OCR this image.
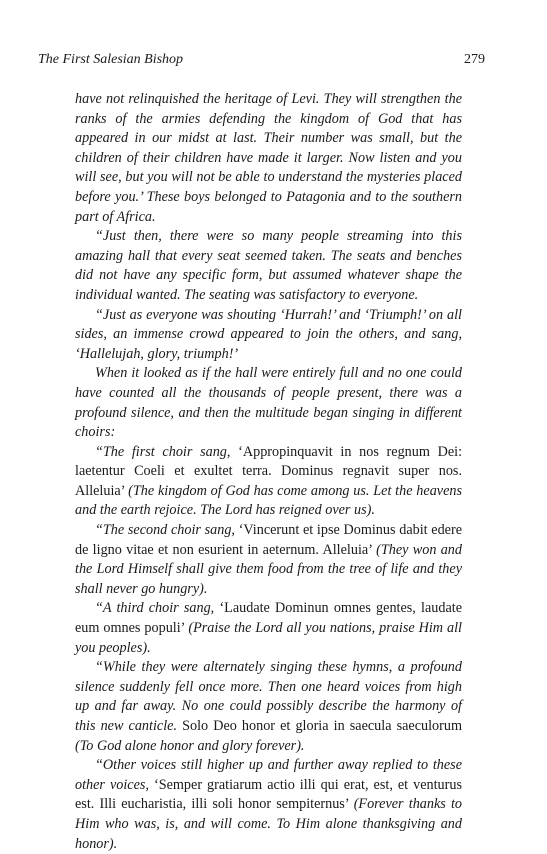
The First Salesian Bishop	279

have not relinquished the heritage of Levi. They will strengthen the ranks of the armies defending the kingdom of God that has appeared in our midst at last. Their number was small, but the children of their children have made it larger. Now listen and you will see, but you will not be able to understand the mysteries placed before you.’ These boys belonged to Patagonia and to the southern part of Africa.

“Just then, there were so many people streaming into this amazing hall that every seat seemed taken. The seats and benches did not have any specific form, but assumed whatever shape the individual wanted. The seating was satisfactory to everyone.

“Just as everyone was shouting ‘Hurrah!’ and ‘Triumph!’ on all sides, an immense crowd appeared to join the others, and sang, ‘Hallelujah, glory, triumph!’

When it looked as if the hall were entirely full and no one could have counted all the thousands of people present, there was a profound silence, and then the multitude began singing in different choirs:

“The first choir sang, ‘Appropinquavit in nos regnum Dei: laetentur Coeli et exultet terra. Dominus regnavit super nos. Alleluia’ (The kingdom of God has come among us. Let the heavens and the earth rejoice. The Lord has reigned over us).

“The second choir sang, ‘Vincerunt et ipse Dominus dabit edere de ligno vitae et non esurient in aeternum. Alleluia’ (They won and the Lord Himself shall give them food from the tree of life and they shall never go hungry).

“A third choir sang, ‘Laudate Dominun omnes gentes, laudate eum omnes populi’ (Praise the Lord all you nations, praise Him all you peoples).

“While they were alternately singing these hymns, a profound silence suddenly fell once more. Then one heard voices from high up and far away. No one could possibly describe the harmony of this new canticle. Solo Deo honor et gloria in saecula saeculorum (To God alone honor and glory forever).

“Other voices still higher up and further away replied to these other voices, ‘Semper gratiarum actio illi qui erat, est, et venturus est. Illi eucharistia, illi soli honor sempiternus’ (Forever thanks to Him who was, is, and will come. To Him alone thanksgiving and honor).
